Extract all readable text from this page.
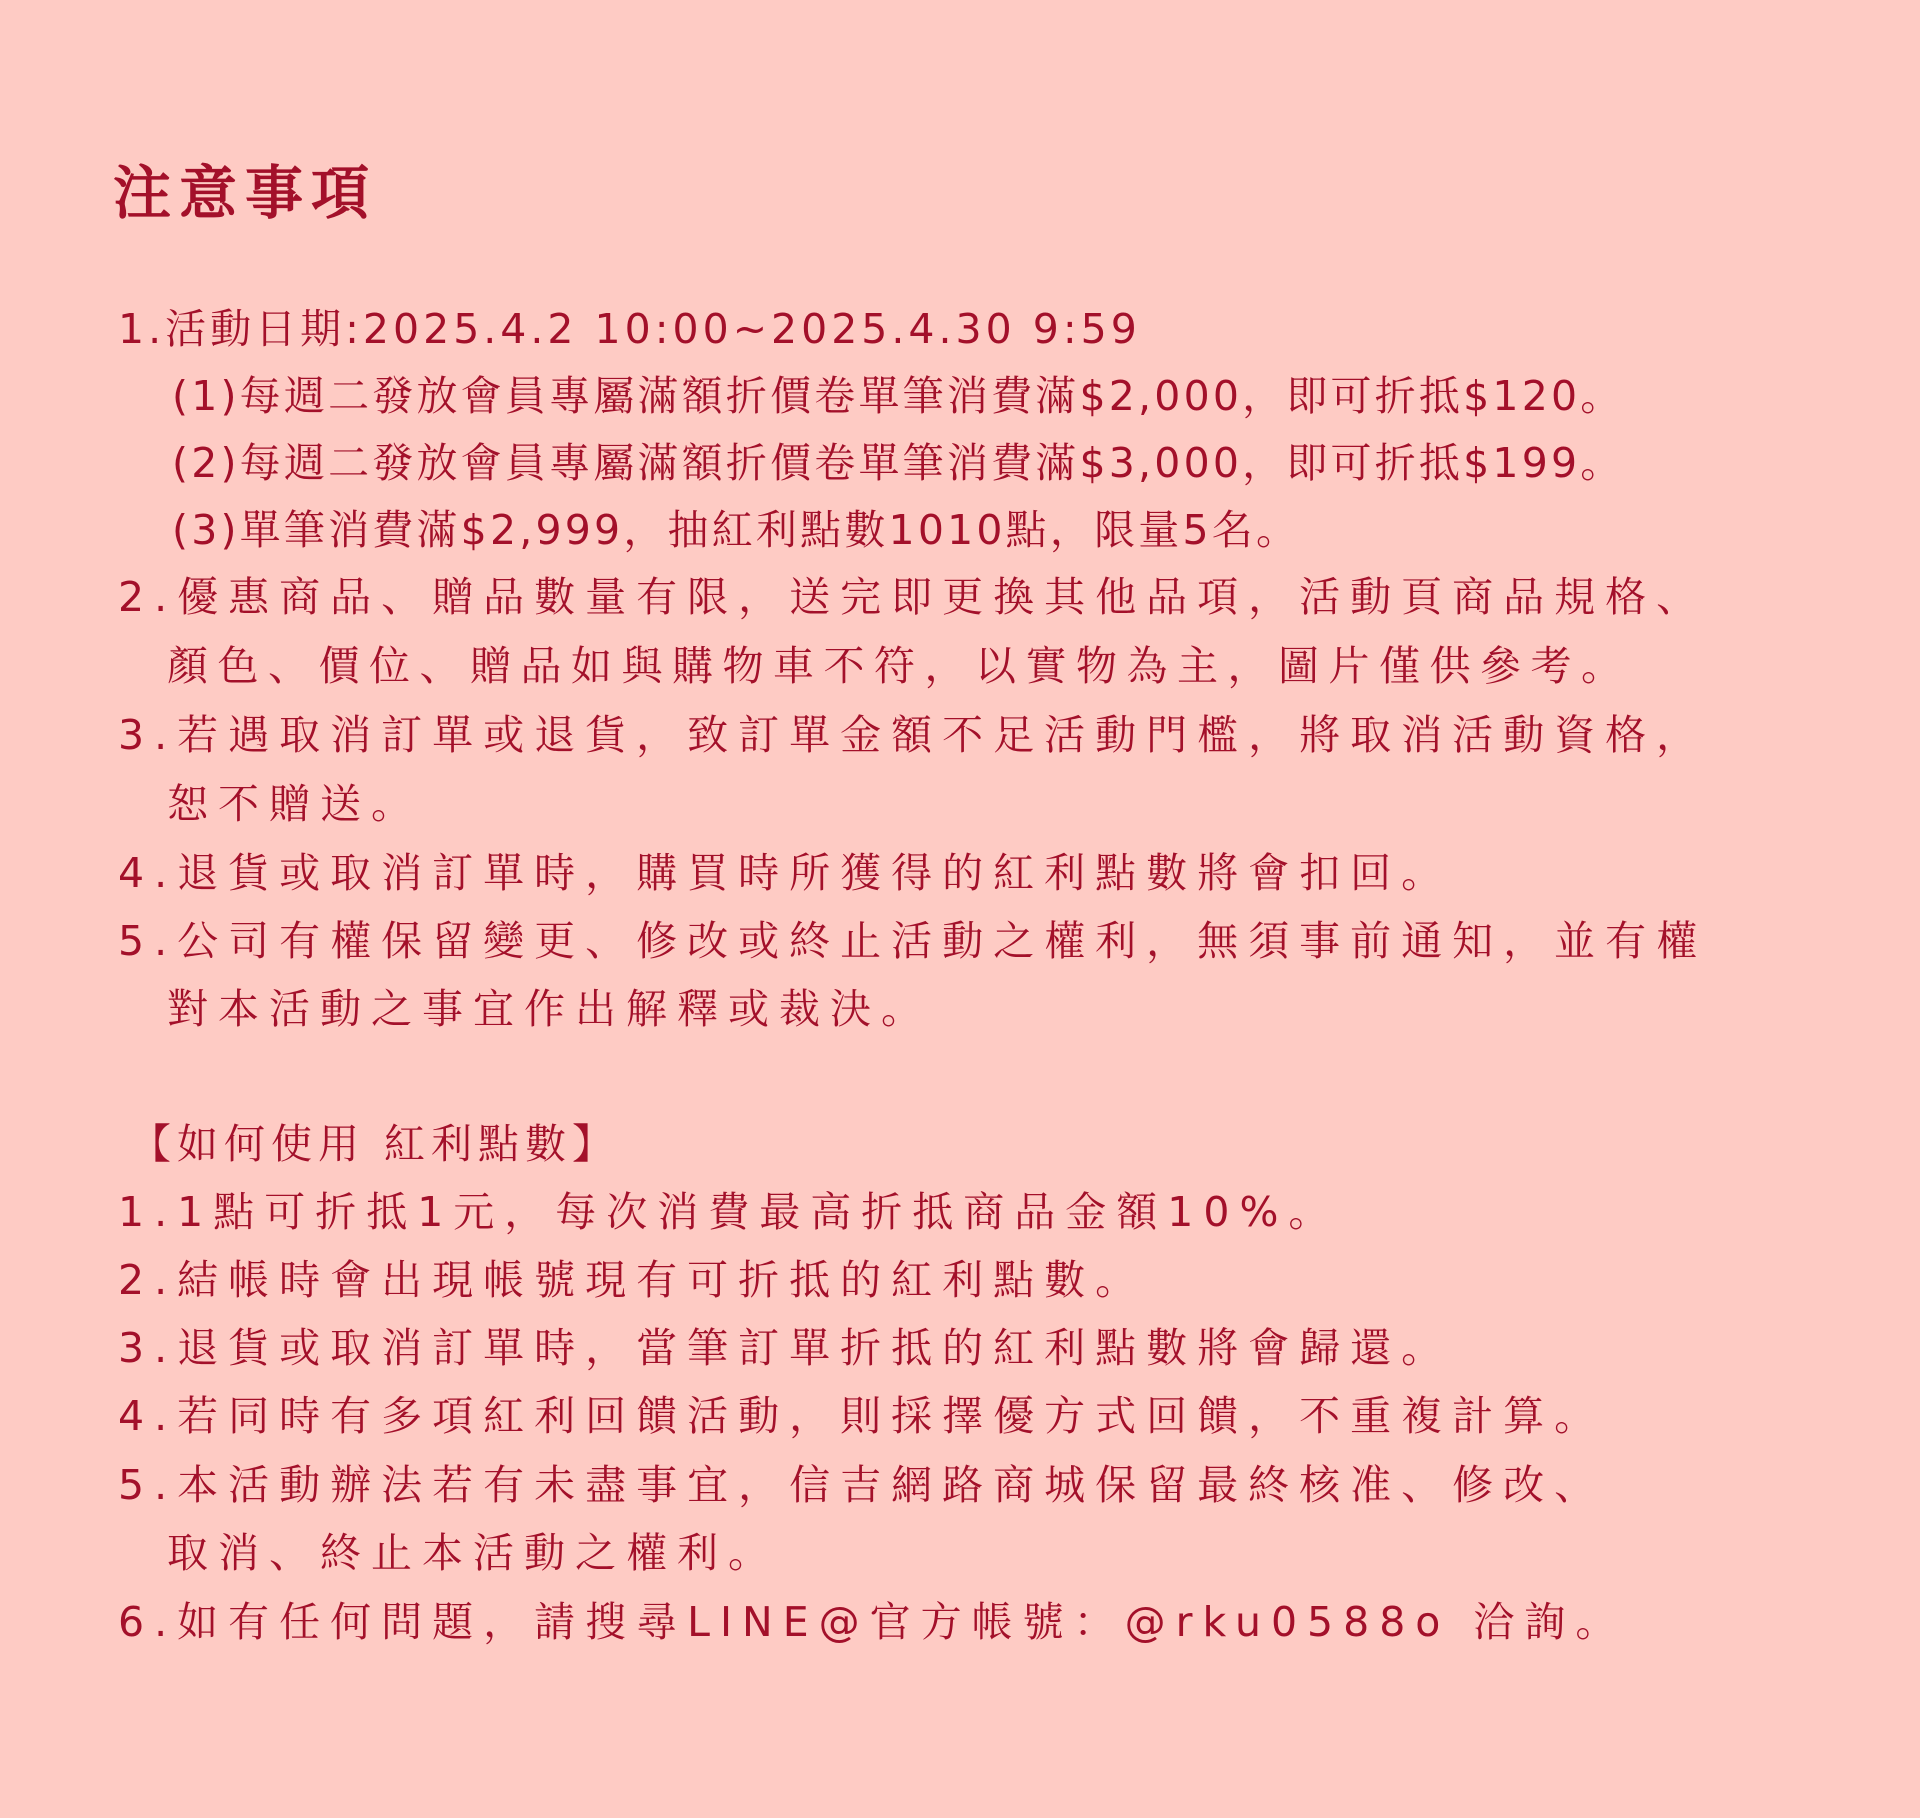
注意事項
1.活動日期:2025.4.2 10:00~2025.4.30 9:59
(1)每週二發放會員專屬滿額折價卷單筆消費滿$2,000，即可折抵$120。
(2)每週二發放會員專屬滿額折價卷單筆消費滿$3,000，即可折抵$199。
(3)單筆消費滿$2,999，抽紅利點數1010點，限量5名。
2.優惠商品、贈品數量有限，送完即更換其他品項，活動頁商品規格、
顏色、價位、贈品如與購物車不符，以實物為主，圖片僅供參考。
3.若遇取消訂單或退貨，致訂單金額不足活動門檻，將取消活動資格，
恕不贈送。
4.退貨或取消訂單時，購買時所獲得的紅利點數將會扣回。
5.公司有權保留變更、修改或終止活動之權利，無須事前通知，並有權
對本活動之事宜作出解釋或裁決。
【如何使用 紅利點數】
1.1點可折抵1元，每次消費最高折抵商品金額10%。
2.結帳時會出現帳號現有可折抵的紅利點數。
3.退貨或取消訂單時，當筆訂單折抵的紅利點數將會歸還。
4.若同時有多項紅利回饋活動，則採擇優方式回饋，不重複計算。
5.本活動辦法若有未盡事宜，信吉網路商城保留最終核准、修改、
取消、終止本活動之權利。
6.如有任何問題，請搜尋LINE@官方帳號：@rku0588o 洽詢。
